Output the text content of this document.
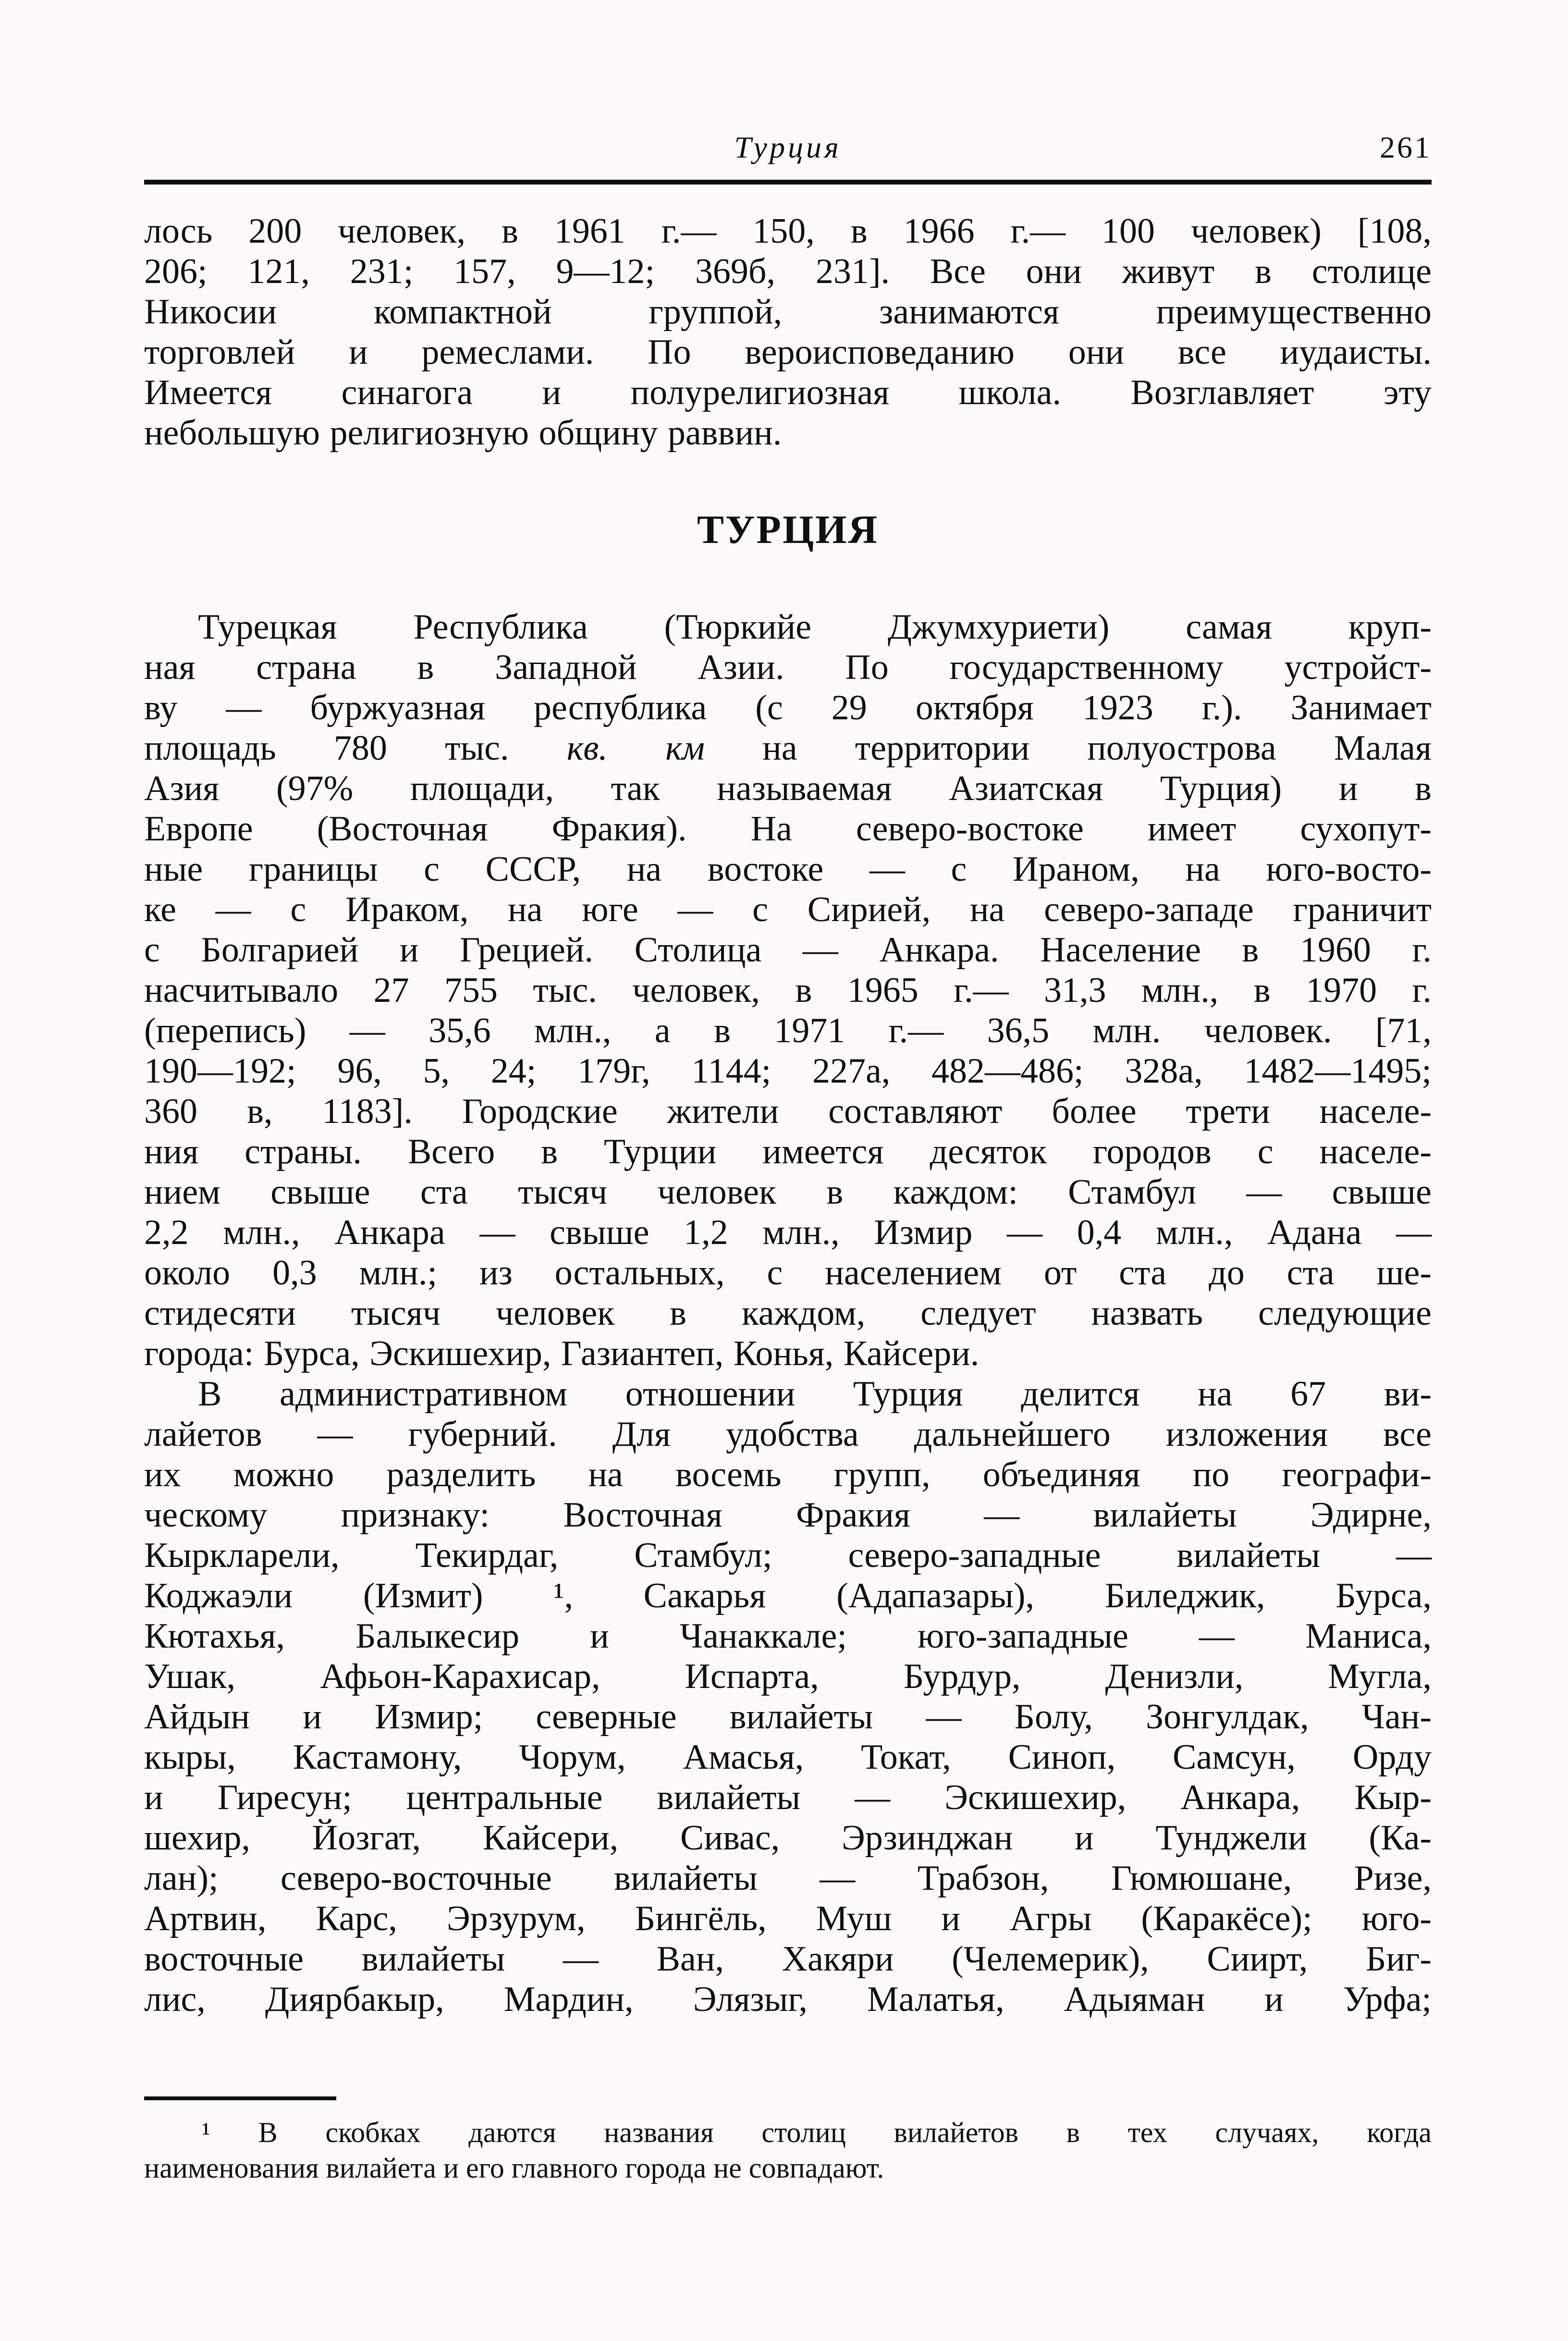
Турция	261
лось 200 человек, в 1961 г.— 150, в 1966 г.— 100 человек) [108,
206; 121, 231; 157, 9—12; 369б, 231]. Все они живут в столице
Никосии компактной группой, занимаются преимущественно
торговлей и ремеслами. По вероисповеданию они все иудаисты.
Имеется синагога и полурелигиозная школа. Возглавляет эту
небольшую религиозную общину раввин.
ТУРЦИЯ
Турецкая Республика (Тюркийе Джумхуриети) самая круп-
ная страна в Западной Азии. По государственному устройст-
ву — буржуазная республика (с 29 октября 1923 г.). Занимает
площадь 780 тыс. кв. км на территории полуострова Малая
Азия (97% площади, так называемая Азиатская Турция) и в
Европе (Восточная Фракия). На северо-востоке имеет сухопут-
ные границы с СССР, на востоке — с Ираном, на юго-восто-
ке — с Ираком, на юге — с Сирией, на северо-западе граничит
с Болгарией и Грецией. Столица — Анкара. Население в 1960 г.
насчитывало 27 755 тыс. человек, в 1965 г.— 31,3 млн., в 1970 г.
(перепись) — 35,6 млн., а в 1971 г.— 36,5 млн. человек. [71,
190—192; 96, 5, 24; 179г, 1144; 227а, 482—486; 328а, 1482—1495;
360 в, 1183]. Городские жители составляют более трети населе-
ния страны. Всего в Турции имеется десяток городов с населе-
нием свыше ста тысяч человек в каждом: Стамбул — свыше
2,2 млн., Анкара — свыше 1,2 млн., Измир — 0,4 млн., Адана —
около 0,3 млн.; из остальных, с населением от ста до ста ше-
стидесяти тысяч человек в каждом, следует назвать следующие
города: Бурса, Эскишехир, Газиантеп, Конья, Кайсери.
В административном отношении Турция делится на 67 ви-
лайетов — губерний. Для удобства дальнейшего изложения все
их можно разделить на восемь групп, объединяя по географи-
ческому признаку: Восточная Фракия — вилайеты Эдирне,
Кыркларели, Текирдаг, Стамбул; северо-западные вилайеты —
Коджаэли (Измит) ¹, Сакарья (Адапазары), Биледжик, Бурса,
Кютахья, Балыкесир и Чанаккале; юго-западные — Маниса,
Ушак, Афьон-Карахисар, Испарта, Бурдур, Денизли, Мугла,
Айдын и Измир; северные вилайеты — Болу, Зонгулдак, Чан-
кыры, Кастамону, Чорум, Амасья, Токат, Синоп, Самсун, Орду
и Гиресун; центральные вилайеты — Эскишехир, Анкара, Кыр-
шехир, Йозгат, Кайсери, Сивас, Эрзинджан и Тунджели (Ка-
лан); северо-восточные вилайеты — Трабзон, Гюмюшане, Ризе,
Артвин, Карс, Эрзурум, Бингёль, Муш и Агры (Каракёсе); юго-
восточные вилайеты — Ван, Хакяри (Челемерик), Сиирт, Биг-
лис, Диярбакыр, Мардин, Элязыг, Малатья, Адыяман и Урфа;
¹ В скобках даются названия столиц вилайетов в тех случаях, когда
наименования вилайета и его главного города не совпадают.
